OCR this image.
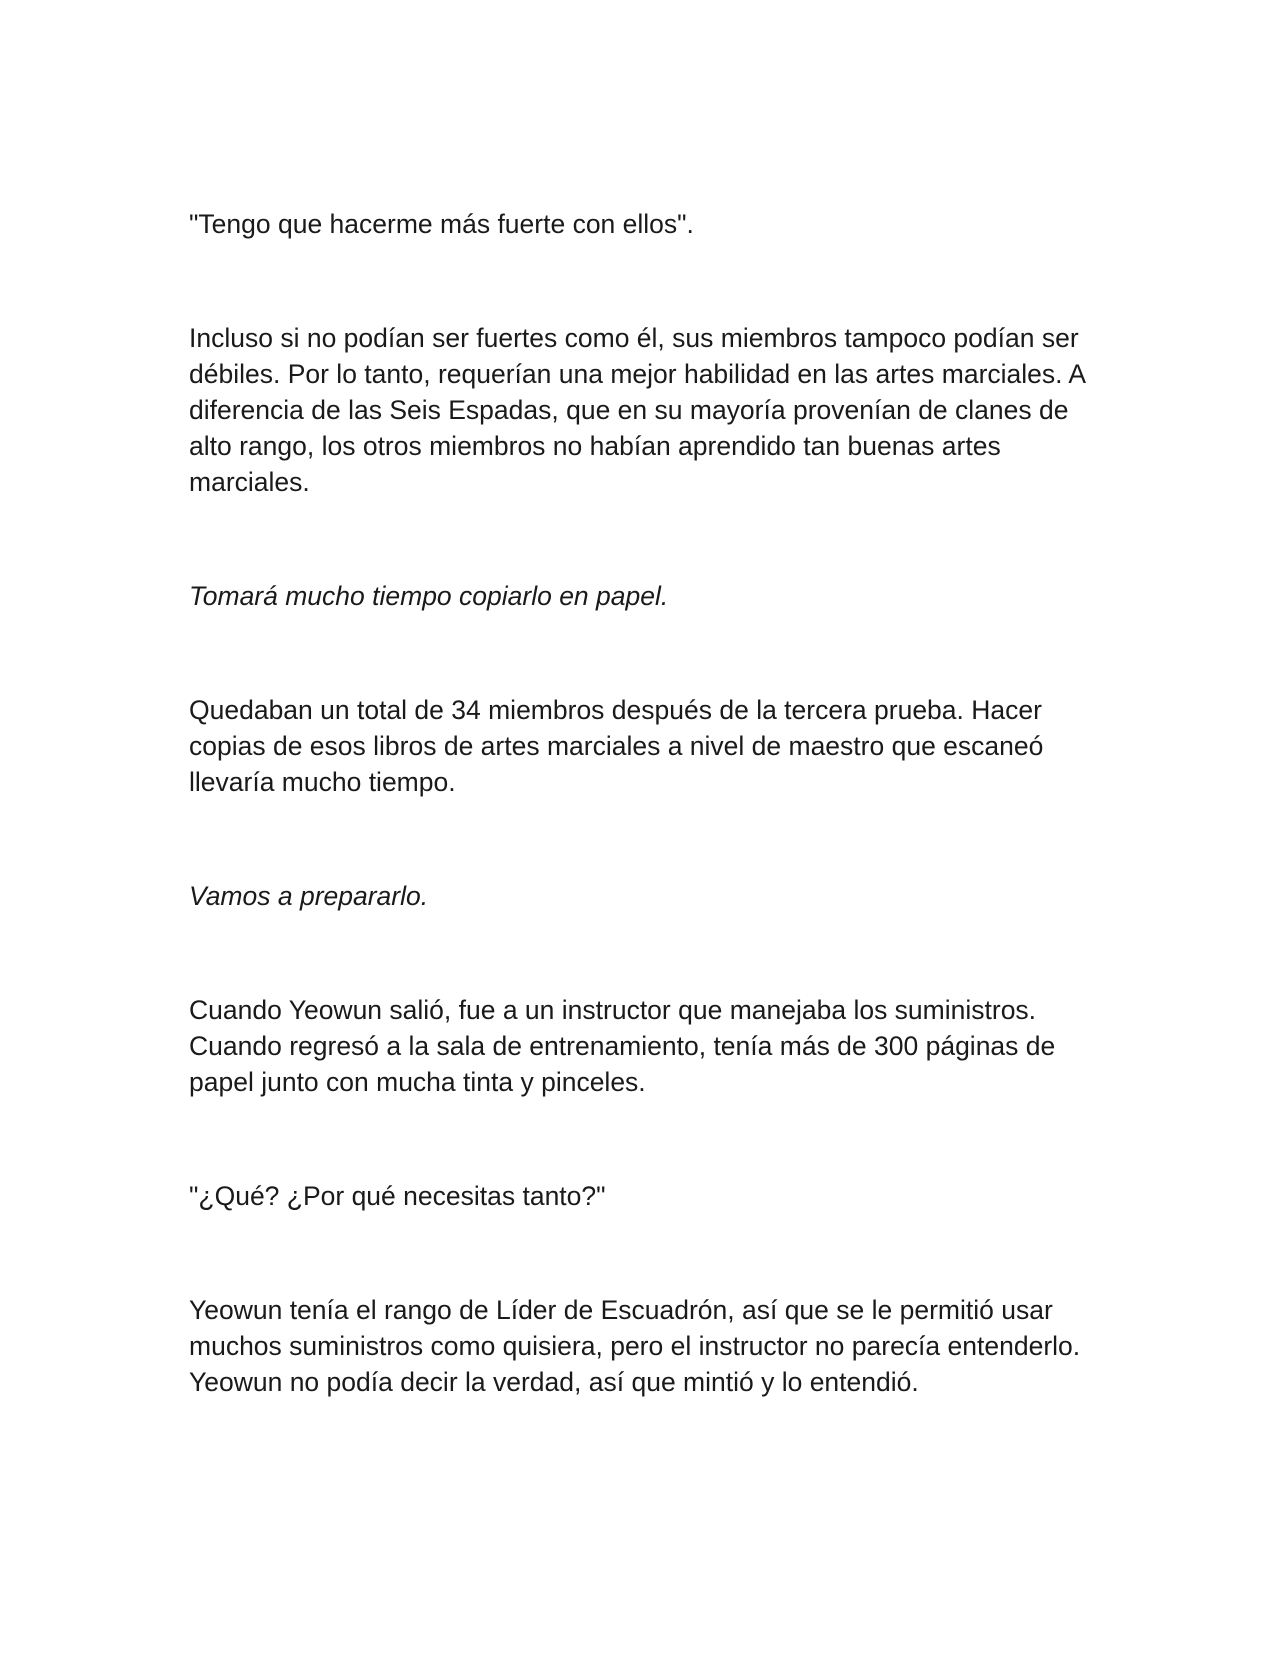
"Tengo que hacerme más fuerte con ellos".

Incluso si no podían ser fuertes como él, sus miembros tampoco podían ser débiles. Por lo tanto, requerían una mejor habilidad en las artes marciales. A diferencia de las Seis Espadas, que en su mayoría provenían de clanes de alto rango, los otros miembros no habían aprendido tan buenas artes marciales.

Tomará mucho tiempo copiarlo en papel.

Quedaban un total de 34 miembros después de la tercera prueba. Hacer copias de esos libros de artes marciales a nivel de maestro que escaneó llevaría mucho tiempo.

Vamos a prepararlo.

Cuando Yeowun salió, fue a un instructor que manejaba los suministros. Cuando regresó a la sala de entrenamiento, tenía más de 300 páginas de papel junto con mucha tinta y pinceles.

"¿Qué? ¿Por qué necesitas tanto?"

Yeowun tenía el rango de Líder de Escuadrón, así que se le permitió usar muchos suministros como quisiera, pero el instructor no parecía entenderlo. Yeowun no podía decir la verdad, así que mintió y lo entendió.
